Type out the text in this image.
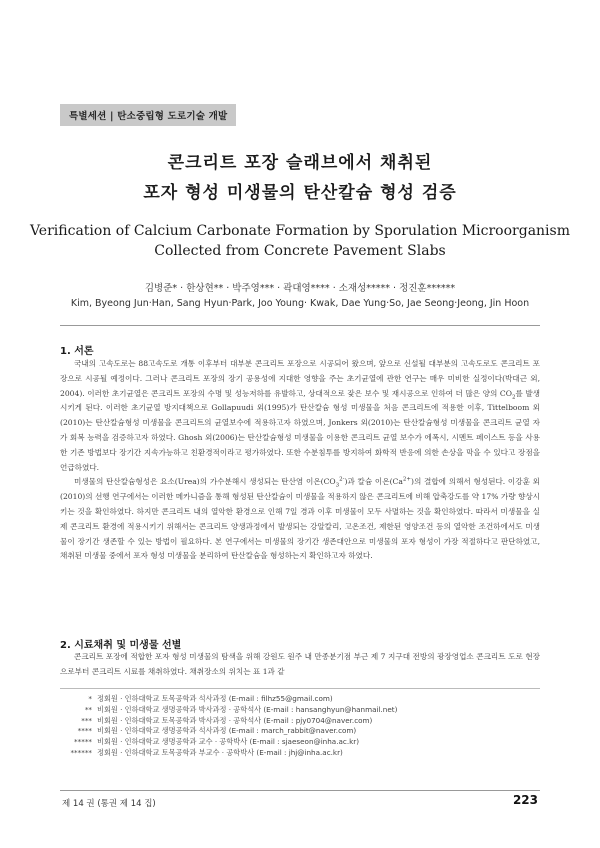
특별세션 | 탄소중립형 도로기술 개발
콘크리트 포장 슬래브에서 채취된
포자 형성 미생물의 탄산칼슘 형성 검증
Verification of Calcium Carbonate Formation by Sporulation Microorganism
Collected from Concrete Pavement Slabs
김병준* · 한상현** · 박주영*** · 곽대영**** · 소재성***** · 정진훈******
Kim, Byeong Jun·Han, Sang Hyun·Park, Joo Young· Kwak, Dae Yung·So, Jae Seong·Jeong, Jin Hoon
1. 서론

국내의 고속도로는 88고속도로 개통 이후부터 대부분 콘크리트 포장으로 시공되어 왔으며, 앞으로 신설될 대부분의 고속도로도 콘크리트 포장으로 시공될 예정이다. 그러나 콘크리트 포장의 장기 공용성에 지대한 영향을 주는 초기균열에 관한 연구는 매우 미비한 실정이다(박대근 외, 2004). 이러한 초기균열은 콘크리트 포장의 수명 및 성능저하를 유발하고, 상대적으로 잦은 보수 및 재시공으로 인하여 더 많은 양의 $CO_2$를 발생시키게 된다. 이러한 초기균열 방지대책으로 Gollapuudi 외(1995)가 탄산칼슘 형성 미생물을 처음 콘크리트에 적용한 이후, Tittelboom 외(2010)는 탄산칼슘형성 미생물을 콘크리트의 균열보수에 적용하고자 하였으며, Jonkers 외(2010)는 탄산칼슘형성 미생물을 콘크리트 균열 자가 회복 능력을 검증하고자 하였다. Ghosh 외(2006)는 탄산칼슘형성 미생물을 이용한 콘크리트 균열 보수가 에폭시, 시멘트 페이스트 등을 사용한 기존 방법보다 장기간 지속가능하고 친환경적이라고 평가하였다. 또한 수분침투를 방지하여 화학적 반응에 의한 손상을 막을 수 있다고 장점을 언급하였다.

미생물의 탄산칼슘형성은 요소(Urea)의 가수분해시 생성되는 탄산염 이온$(CO_3^{2-})$과 칼슘 이온$(Ca^{2+})$의 결합에 의해서 형성된다. 이강훈 외(2010)의 선행 연구에서는 이러한 메카니즘을 통해 형성된 탄산칼슘이 미생물을 적용하지 않은 콘크리트에 비해 압축강도를 약 17% 가량 향상시키는 것을 확인하였다. 하지만 콘크리트 내의 열악한 환경으로 인해 7일 경과 이후 미생물이 모두 사멸하는 것을 확인하였다. 따라서 미생물을 실제 콘크리트 환경에 적용시키기 위해서는 콘크리트 양생과정에서 발생되는 강알칼리, 고온조건, 제한된 영양조건 등의 열악한 조건하에서도 미생물이 장기간 생존할 수 있는 방법이 필요하다. 본 연구에서는 미생물의 장기간 생존대안으로 미생물의 포자 형성이 가장 적절하다고 판단하였고, 채취된 미생물 중에서 포자 형성 미생물을 분리하여 탄산칼슘을 형성하는지 확인하고자 하였다.

2. 시료채취 및 미생물 선별

콘크리트 포장에 적합한 포자 형성 미생물의 탐색을 위해 강원도 원주 내 만종분기점 부근 제 7 지구대 전방의 광장영업소 콘크리트 도로 현장으로부터 콘크리트 시료를 채취하였다. 채취장소의 위치는 표 1과 같

* 정회원 · 인하대학교 토목공학과 석사과정 (E-mail : filhz55@gmail.com)
** 비회원 · 인하대학교 생명공학과 박사과정 · 공학석사 (E-mail : hansanghyun@hanmail.net)
*** 비회원 · 인하대학교 토목공학과 박사과정 · 공학석사 (E-mail : pjy0704@naver.com)
**** 비회원 · 인하대학교 생명공학과 석사과정 (E-mail : march_rabbit@naver.com)
***** 비회원 · 인하대학교 생명공학과 교수 · 공학박사 (E-mail : sjaeseon@inha.ac.kr)
****** 정회원 · 인하대학교 토목공학과 부교수 · 공학박사 (E-mail : jhj@inha.ac.kr)
제 14 권 (통권 제 14 집)	223
